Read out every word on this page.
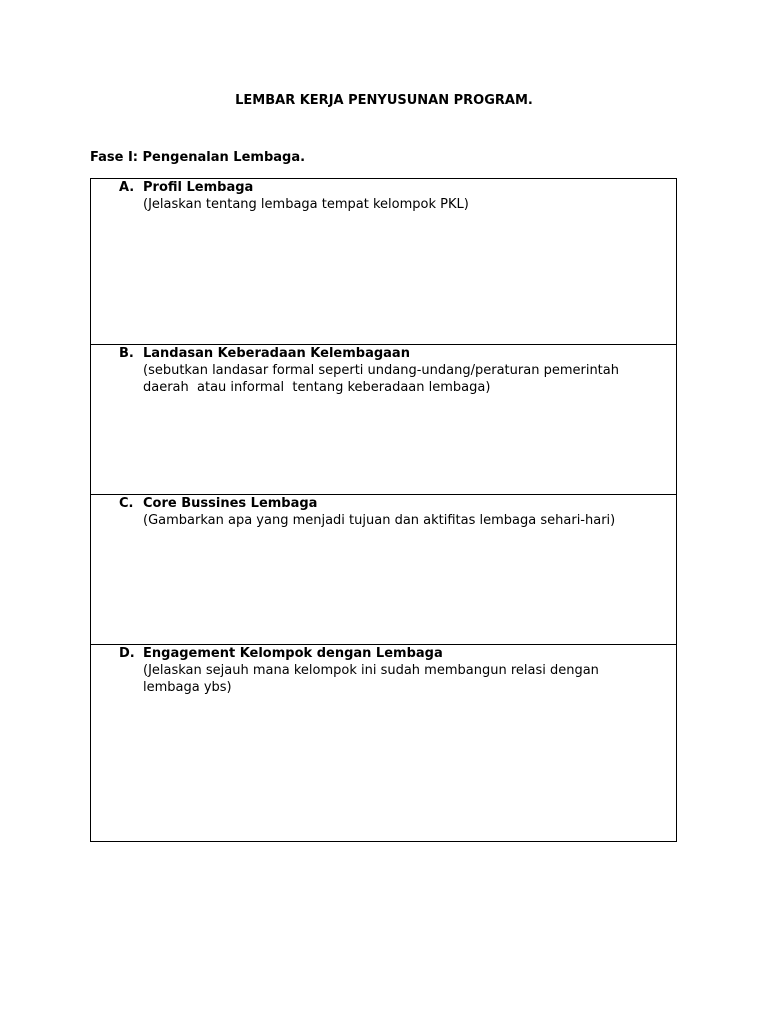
LEMBAR KERJA PENYUSUNAN PROGRAM.
Fase I: Pengenalan Lembaga.
A. Profil Lembaga
(Jelaskan tentang lembaga tempat kelompok PKL)
B. Landasan Keberadaan Kelembagaan
(sebutkan landasar formal seperti undang-undang/peraturan pemerintah
daerah  atau informal  tentang keberadaan lembaga)
C. Core Bussines Lembaga
(Gambarkan apa yang menjadi tujuan dan aktifitas lembaga sehari-hari)
D. Engagement Kelompok dengan Lembaga
(Jelaskan sejauh mana kelompok ini sudah membangun relasi dengan
lembaga ybs)
